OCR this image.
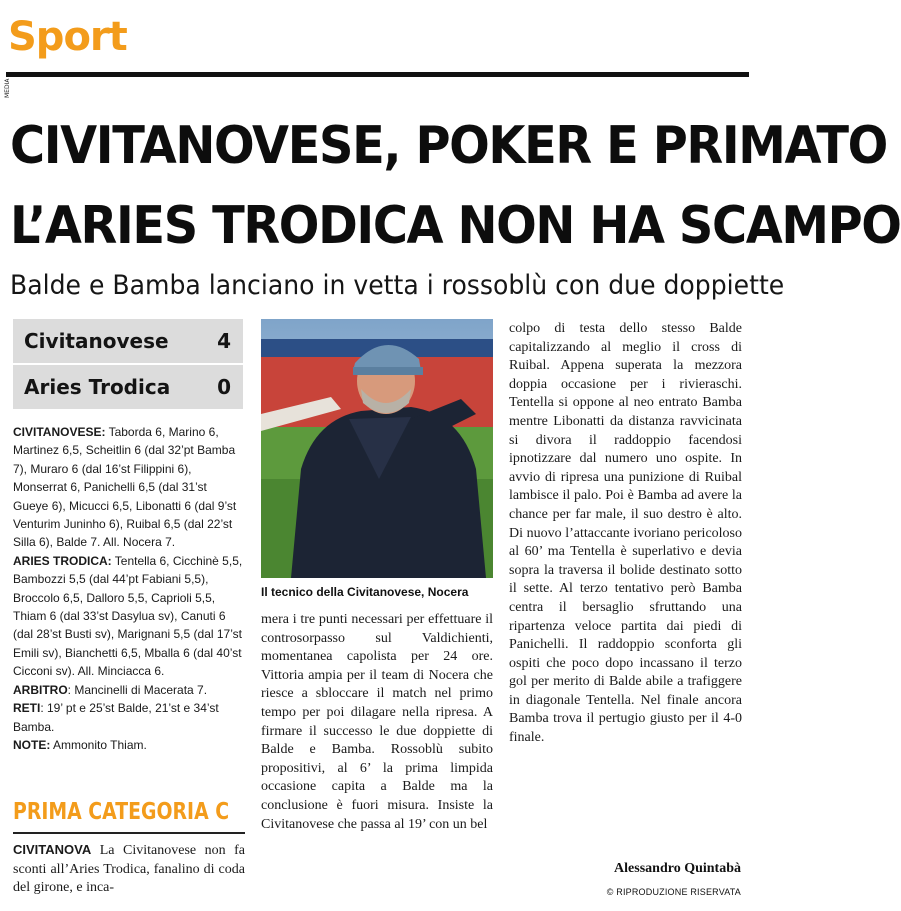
Sport
MEDIA
CIVITANOVESE, POKER E PRIMATO
L’ARIES TRODICA NON HA SCAMPO
Balde e Bamba lanciano in vetta i rossoblù con due doppiette
Civitanovese 4
Aries Trodica 0

CIVITANOVESE: Taborda 6, Marino 6, Martinez 6,5, Scheitlin 6 (dal 32’pt Bamba 7), Muraro 6 (dal 16’st Filippini 6), Monserrat 6, Panichelli 6,5 (dal 31’st Gueye 6), Micucci 6,5, Libonatti 6 (dal 9’st Venturim Juninho 6), Ruibal 6,5 (dal 22’st Silla 6), Balde 7. All. Nocera 7.

ARIES TRODICA: Tentella 6, Cicchinè 5,5, Bambozzi 5,5 (dal 44’pt Fabiani 5,5), Broccolo 6,5, Dalloro 5,5, Caprioli 5,5, Thiam 6 (dal 33’st Dasylua sv), Canuti 6 (dal 28’st Busti sv), Marignani 5,5 (dal 17’st Emili sv), Bianchetti 6,5, Mballa 6 (dal 40’st Cicconi sv). All. Minciacca 6.

ARBITRO: Mancinelli di Macerata 7.

RETI: 19’ pt e 25’st Balde, 21’st e 34’st Bamba.

NOTE: Ammonito Thiam.

PRIMA CATEGORIA C
CIVITANOVA La Civitanovese non fa sconti all’Aries Trodica, fanalino di coda del girone, e inca-
Il tecnico della Civitanovese, Nocera
mera i tre punti necessari per effettuare il controsorpasso sul Valdichienti, momentanea capolista per 24 ore. Vittoria ampia per il team di Nocera che riesce a sbloccare il match nel primo tempo per poi dilagare nella ripresa. A firmare il successo le due doppiette di Balde e Bamba. Rossoblù subito propositivi, al 6’ la prima limpida occasione capita a Balde ma la conclusione è fuori misura. Insiste la Civitanovese che passa al 19’ con un bel
colpo di testa dello stesso Balde capitalizzando al meglio il cross di Ruibal. Appena superata la mezzora doppia occasione per i rivieraschi. Tentella si oppone al neo entrato Bamba mentre Libonatti da distanza ravvicinata si divora il raddoppio facendosi ipnotizzare dal numero uno ospite. In avvio di ripresa una punizione di Ruibal lambisce il palo. Poi è Bamba ad avere la chance per far male, il suo destro è alto. Di nuovo l’attaccante ivoriano pericoloso al 60’ ma Tentella è superlativo e devia sopra la traversa il bolide destinato sotto il sette. Al terzo tentativo però Bamba centra il bersaglio sfruttando una ripartenza veloce partita dai piedi di Panichelli. Il raddoppio sconforta gli ospiti che poco dopo incassano il terzo gol per merito di Balde abile a trafiggere in diagonale Tentella. Nel finale ancora Bamba trova il pertugio giusto per il 4-0 finale.
Alessandro Quintabà
© RIPRODUZIONE RISERVATA
